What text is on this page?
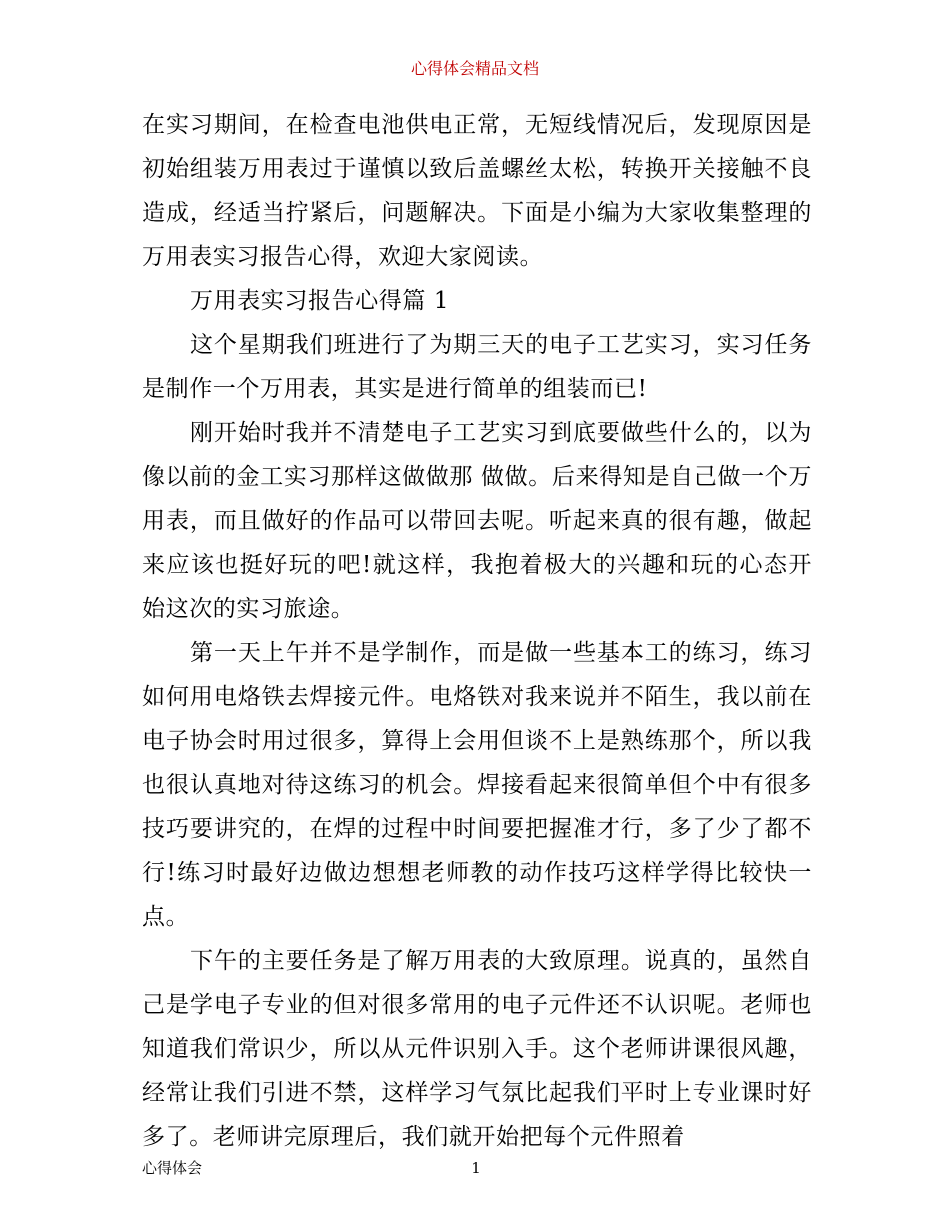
心得体会精品文档

在实习期间，在检查电池供电正常，无短线情况后，发现原因是初始组装万用表过于谨慎以致后盖螺丝太松，转换开关接触不良造成，经适当拧紧后，问题解决。下面是小编为大家收集整理的万用表实习报告心得，欢迎大家阅读。

万用表实习报告心得篇 1

这个星期我们班进行了为期三天的电子工艺实习，实习任务是制作一个万用表，其实是进行简单的组装而已!

刚开始时我并不清楚电子工艺实习到底要做些什么的，以为像以前的金工实习那样这做做那 做做。后来得知是自己做一个万用表，而且做好的作品可以带回去呢。听起来真的很有趣，做起来应该也挺好玩的吧!就这样，我抱着极大的兴趣和玩的心态开始这次的实习旅途。

第一天上午并不是学制作，而是做一些基本工的练习，练习如何用电烙铁去焊接元件。电烙铁对我来说并不陌生，我以前在电子协会时用过很多，算得上会用但谈不上是熟练那个，所以我也很认真地对待这练习的机会。焊接看起来很简单但个中有很多技巧要讲究的，在焊的过程中时间要把握准才行，多了少了都不行!练习时最好边做边想想老师教的动作技巧这样学得比较快一点。

下午的主要任务是了解万用表的大致原理。说真的，虽然自己是学电子专业的但对很多常用的电子元件还不认识呢。老师也知道我们常识少，所以从元件识别入手。这个老师讲课很风趣，经常让我们引进不禁，这样学习气氛比起我们平时上专业课时好多了。老师讲完原理后，我们就开始把每个元件照着

心得体会	1
